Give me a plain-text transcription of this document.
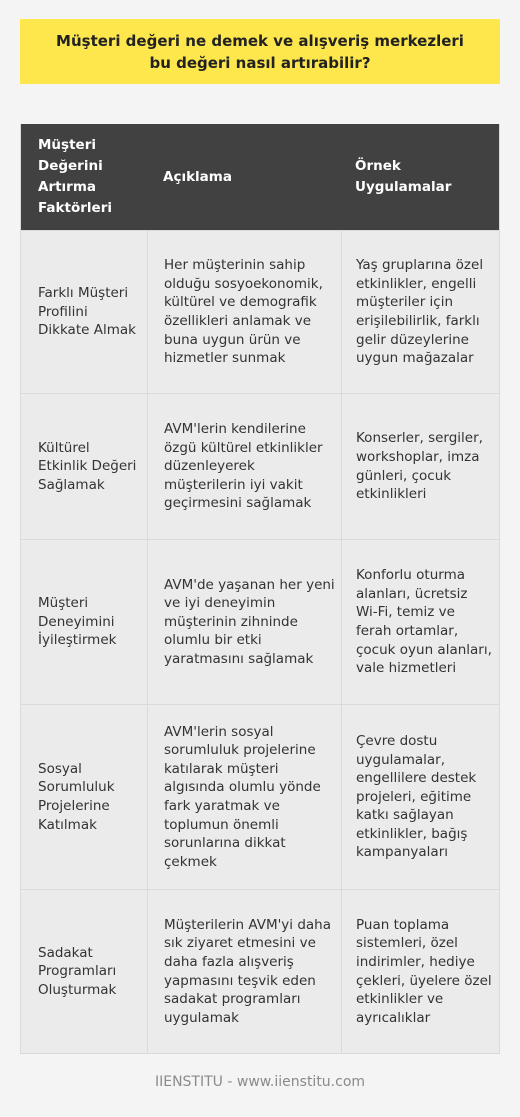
Müşteri değeri ne demek ve alışveriş merkezleri bu değeri nasıl artırabilir?
Müşteri Değerini Artırma Faktörleri
Açıklama
Örnek Uygulamalar
Farklı Müşteri Profilini Dikkate Almak
Her müşterinin sahip olduğu sosyoekonomik, kültürel ve demografik özellikleri anlamak ve buna uygun ürün ve hizmetler sunmak
Yaş gruplarına özel etkinlikler, engelli müşteriler için erişilebilirlik, farklı gelir düzeylerine uygun mağazalar
Kültürel Etkinlik Değeri Sağlamak
AVM'lerin kendilerine özgü kültürel etkinlikler düzenleyerek müşterilerin iyi vakit geçirmesini sağlamak
Konserler, sergiler, workshoplar, imza günleri, çocuk etkinlikleri
Müşteri Deneyimini İyileştirmek
AVM'de yaşanan her yeni ve iyi deneyimin müşterinin zihninde olumlu bir etki yaratmasını sağlamak
Konforlu oturma alanları, ücretsiz Wi-Fi, temiz ve ferah ortamlar, çocuk oyun alanları, vale hizmetleri
Sosyal Sorumluluk Projelerine Katılmak
AVM'lerin sosyal sorumluluk projelerine katılarak müşteri algısında olumlu yönde fark yaratmak ve toplumun önemli sorunlarına dikkat çekmek
Çevre dostu uygulamalar, engellilere destek projeleri, eğitime katkı sağlayan etkinlikler, bağış kampanyaları
Sadakat Programları Oluşturmak
Müşterilerin AVM'yi daha sık ziyaret etmesini ve daha fazla alışveriş yapmasını teşvik eden sadakat programları uygulamak
Puan toplama sistemleri, özel indirimler, hediye çekleri, üyelere özel etkinlikler ve ayrıcalıklar
IIENSTITU - www.iienstitu.com
